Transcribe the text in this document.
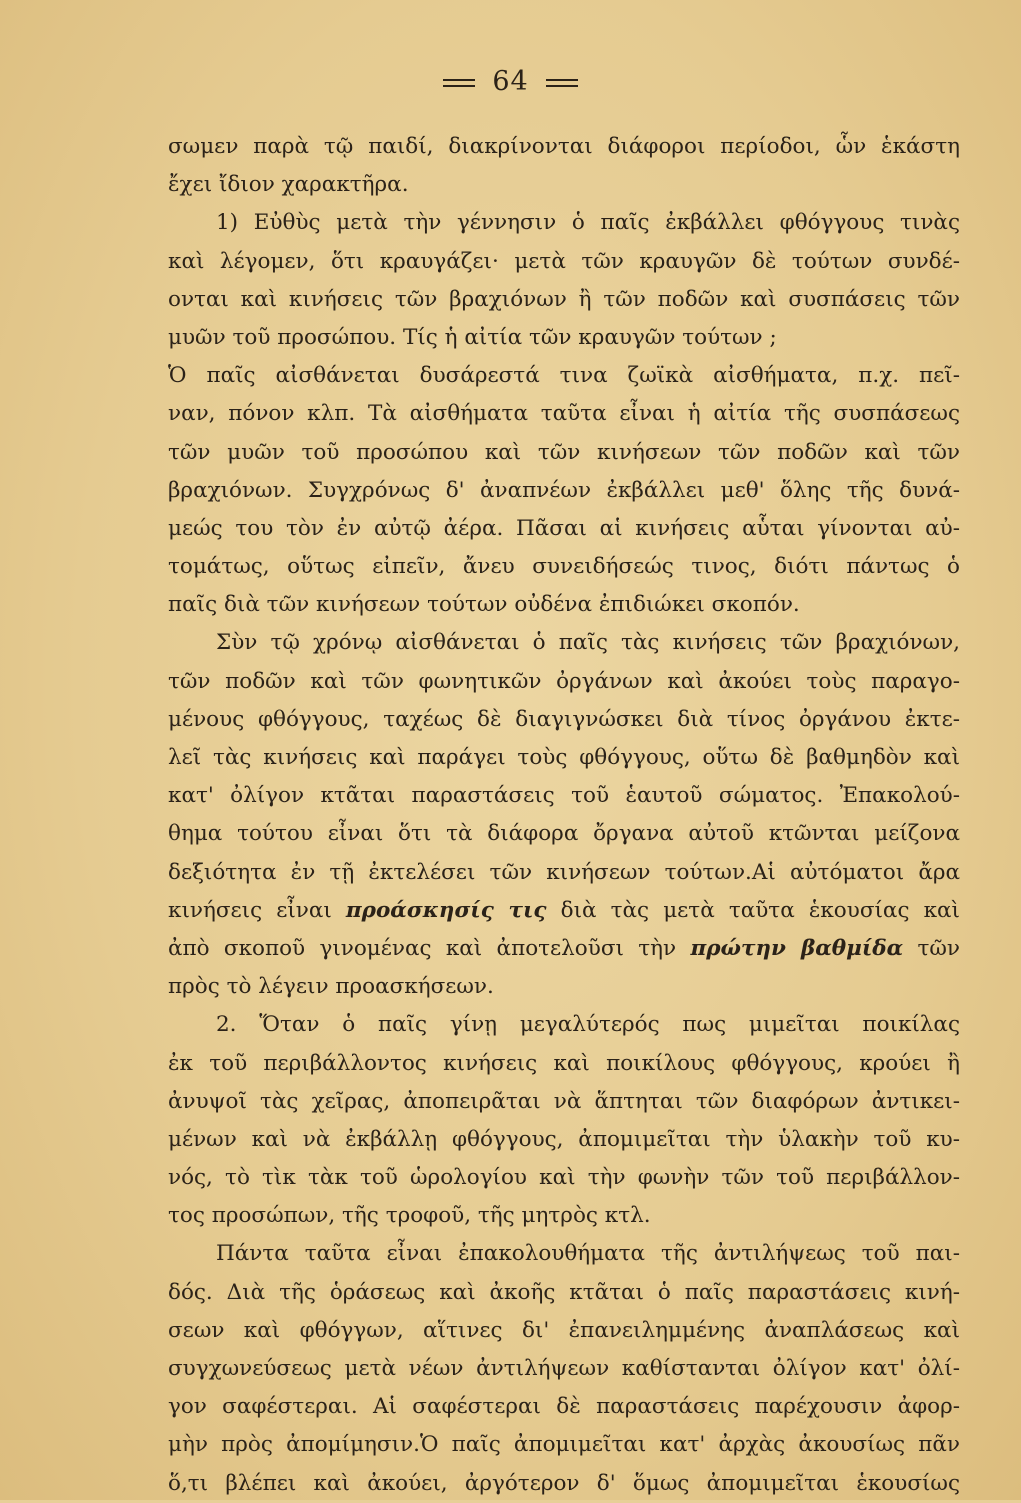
64
σωμεν παρὰ τῷ παιδί, διακρίνονται διάφοροι περίοδοι, ὧν ἑκάστη
ἔχει ἴδιον χαρακτῆρα.
1) Εὐθὺς μετὰ τὴν γέννησιν ὁ παῖς ἐκβάλλει φθόγγους τινὰς
καὶ λέγομεν, ὅτι κραυγάζει· μετὰ τῶν κραυγῶν δὲ τούτων συνδέ-
ονται καὶ κινήσεις τῶν βραχιόνων ἢ τῶν ποδῶν καὶ συσπάσεις τῶν
μυῶν τοῦ προσώπου. Τίς ἡ αἰτία τῶν κραυγῶν τούτων ;
Ὁ παῖς αἰσθάνεται δυσάρεστά τινα ζωϊκὰ αἰσθήματα, π.χ. πεῖ-
ναν, πόνον κλπ. Τὰ αἰσθήματα ταῦτα εἶναι ἡ αἰτία τῆς συσπάσεως
τῶν μυῶν τοῦ προσώπου καὶ τῶν κινήσεων τῶν ποδῶν καὶ τῶν
βραχιόνων. Συγχρόνως δ' ἀναπνέων ἐκβάλλει μεθ' ὅλης τῆς δυνά-
μεώς του τὸν ἐν αὐτῷ ἀέρα. Πᾶσαι αἱ κινήσεις αὗται γίνονται αὐ-
τομάτως, οὕτως εἰπεῖν, ἄνευ συνειδήσεώς τινος, διότι πάντως ὁ
παῖς διὰ τῶν κινήσεων τούτων οὐδένα ἐπιδιώκει σκοπόν.
Σὺν τῷ χρόνῳ αἰσθάνεται ὁ παῖς τὰς κινήσεις τῶν βραχιόνων,
τῶν ποδῶν καὶ τῶν φωνητικῶν ὀργάνων καὶ ἀκούει τοὺς παραγο-
μένους φθόγγους, ταχέως δὲ διαγιγνώσκει διὰ τίνος ὀργάνου ἐκτε-
λεῖ τὰς κινήσεις καὶ παράγει τοὺς φθόγγους, οὕτω δὲ βαθμηδὸν καὶ
κατ' ὀλίγον κτᾶται παραστάσεις τοῦ ἑαυτοῦ σώματος. Ἐπακολού-
θημα τούτου εἶναι ὅτι τὰ διάφορα ὄργανα αὐτοῦ κτῶνται μείζονα
δεξιότητα ἐν τῇ ἐκτελέσει τῶν κινήσεων τούτων.Αἱ αὐτόματοι ἄρα
κινήσεις εἶναι προάσκησίς τις διὰ τὰς μετὰ ταῦτα ἑκουσίας καὶ
ἀπὸ σκοποῦ γινομένας καὶ ἀποτελοῦσι τὴν πρώτην βαθμίδα τῶν
πρὸς τὸ λέγειν προασκήσεων.
2. Ὅταν ὁ παῖς γίνῃ μεγαλύτερός πως μιμεῖται ποικίλας
ἐκ τοῦ περιβάλλοντος κινήσεις καὶ ποικίλους φθόγγους, κρούει ἢ
ἀνυψοῖ τὰς χεῖρας, ἀποπειρᾶται νὰ ἅπτηται τῶν διαφόρων ἀντικει-
μένων καὶ νὰ ἐκβάλλῃ φθόγγους, ἀπομιμεῖται τὴν ὑλακὴν τοῦ κυ-
νός, τὸ τὶκ τὰκ τοῦ ὡρολογίου καὶ τὴν φωνὴν τῶν τοῦ περιβάλλον-
τος προσώπων, τῆς τροφοῦ, τῆς μητρὸς κτλ.
Πάντα ταῦτα εἶναι ἐπακολουθήματα τῆς ἀντιλήψεως τοῦ παι-
δός. Διὰ τῆς ὁράσεως καὶ ἀκοῆς κτᾶται ὁ παῖς παραστάσεις κινή-
σεων καὶ φθόγγων, αἵτινες δι' ἐπανειλημμένης ἀναπλάσεως καὶ
συγχωνεύσεως μετὰ νέων ἀντιλήψεων καθίστανται ὀλίγον κατ' ὀλί-
γον σαφέστεραι. Αἱ σαφέστεραι δὲ παραστάσεις παρέχουσιν ἀφορ-
μὴν πρὸς ἀπομίμησιν.Ὁ παῖς ἀπομιμεῖται κατ' ἀρχὰς ἀκουσίως πᾶν
ὅ,τι βλέπει καὶ ἀκούει, ἀργότερον δ' ὅμως ἀπομιμεῖται ἑκουσίως
